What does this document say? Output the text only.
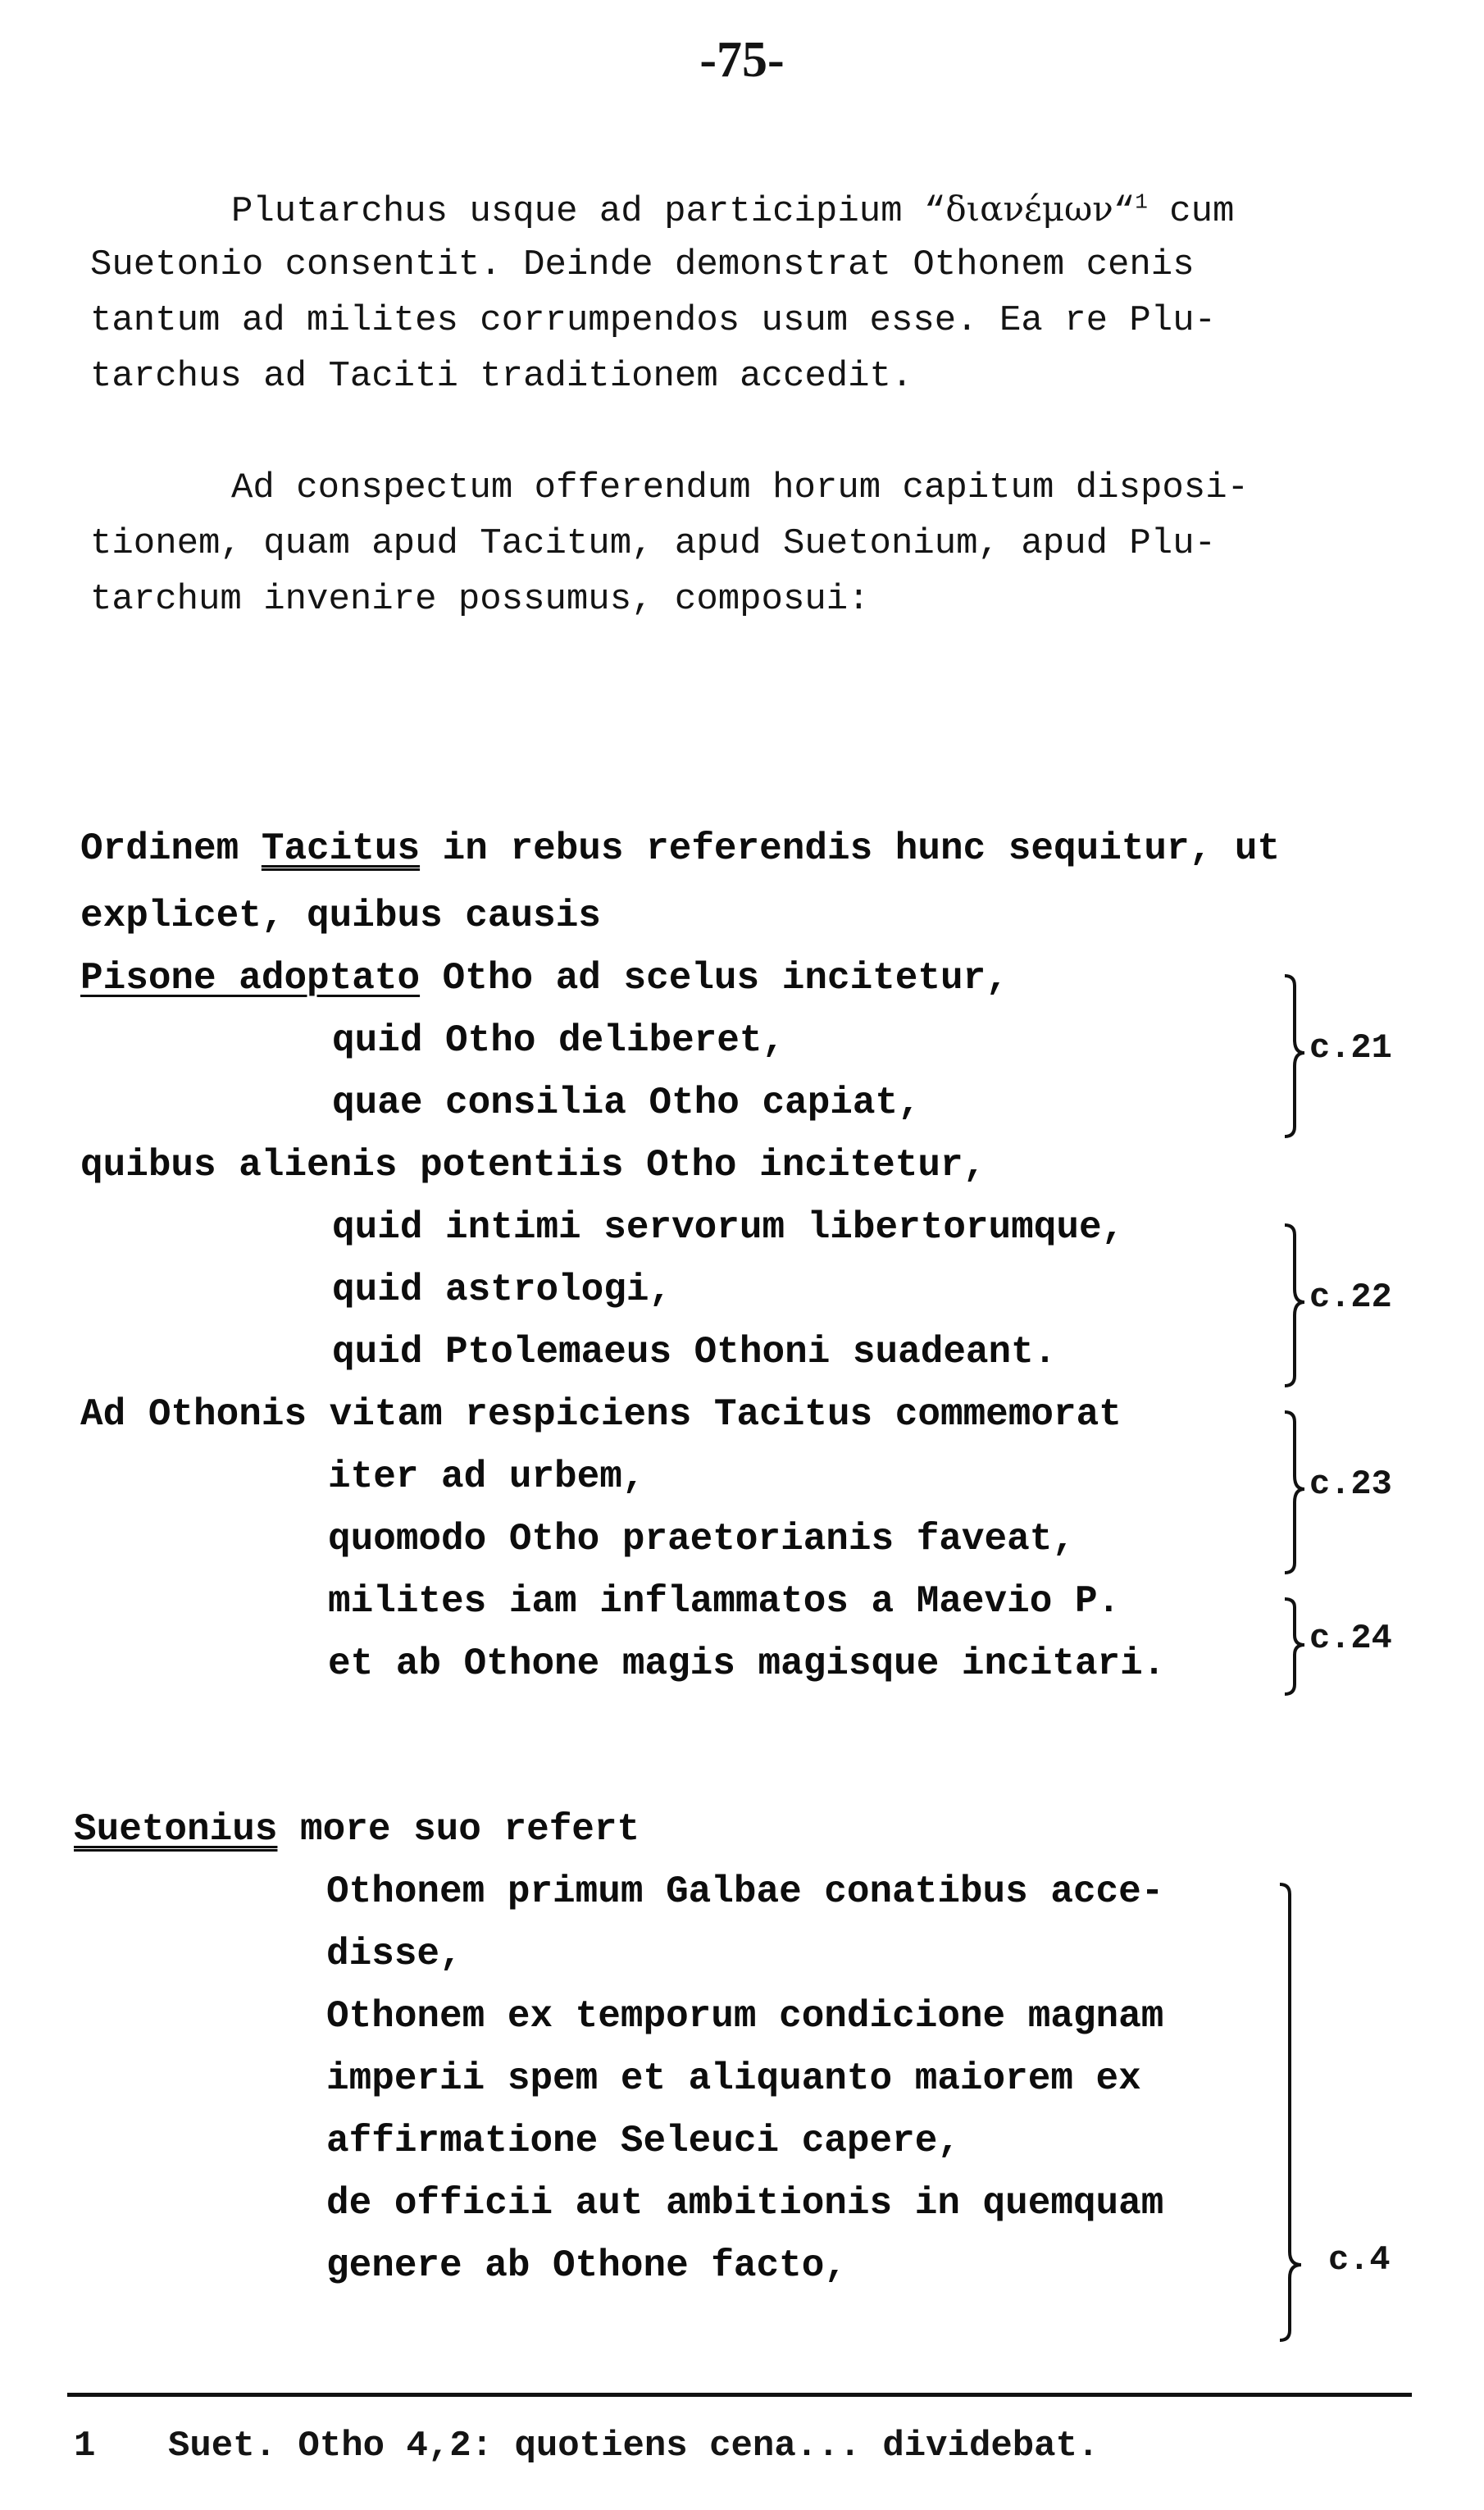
-75-
Plutarchus usque ad participium “διανέμων“$^1$ cum
Suetonio consentit. Deinde demonstrat Othonem cenis
tantum ad milites corrumpendos usum esse. Ea re Plu-
tarchus ad Taciti traditionem accedit.
Ad conspectum offerendum horum capitum disposi-
tionem, quam apud Tacitum, apud Suetonium, apud Plu-
tarchum invenire possumus, composui:
Ordinem Tacitus in rebus referendis hunc sequitur, ut
explicet, quibus causis
Pisone adoptato Otho ad scelus incitetur,
quid Otho deliberet,
quae consilia Otho capiat,
quibus alienis potentiis Otho incitetur,
quid intimi servorum libertorumque,
quid astrologi,
quid Ptolemaeus Othoni suadeant.
Ad Othonis vitam respiciens Tacitus commemorat
iter ad urbem,
quomodo Otho praetorianis faveat,
milites iam inflammatos a Maevio P.
et ab Othone magis magisque incitari.
c.21
c.22
c.23
c.24
Suetonius more suo refert
Othonem primum Galbae conatibus acce-
disse,
Othonem ex temporum condicione magnam
imperii spem et aliquanto maiorem ex
affirmatione Seleuci capere,
de officii aut ambitionis in quemquam
genere ab Othone facto,	c.4
1 Suet. Otho 4,2: quotiens cena... dividebat.
